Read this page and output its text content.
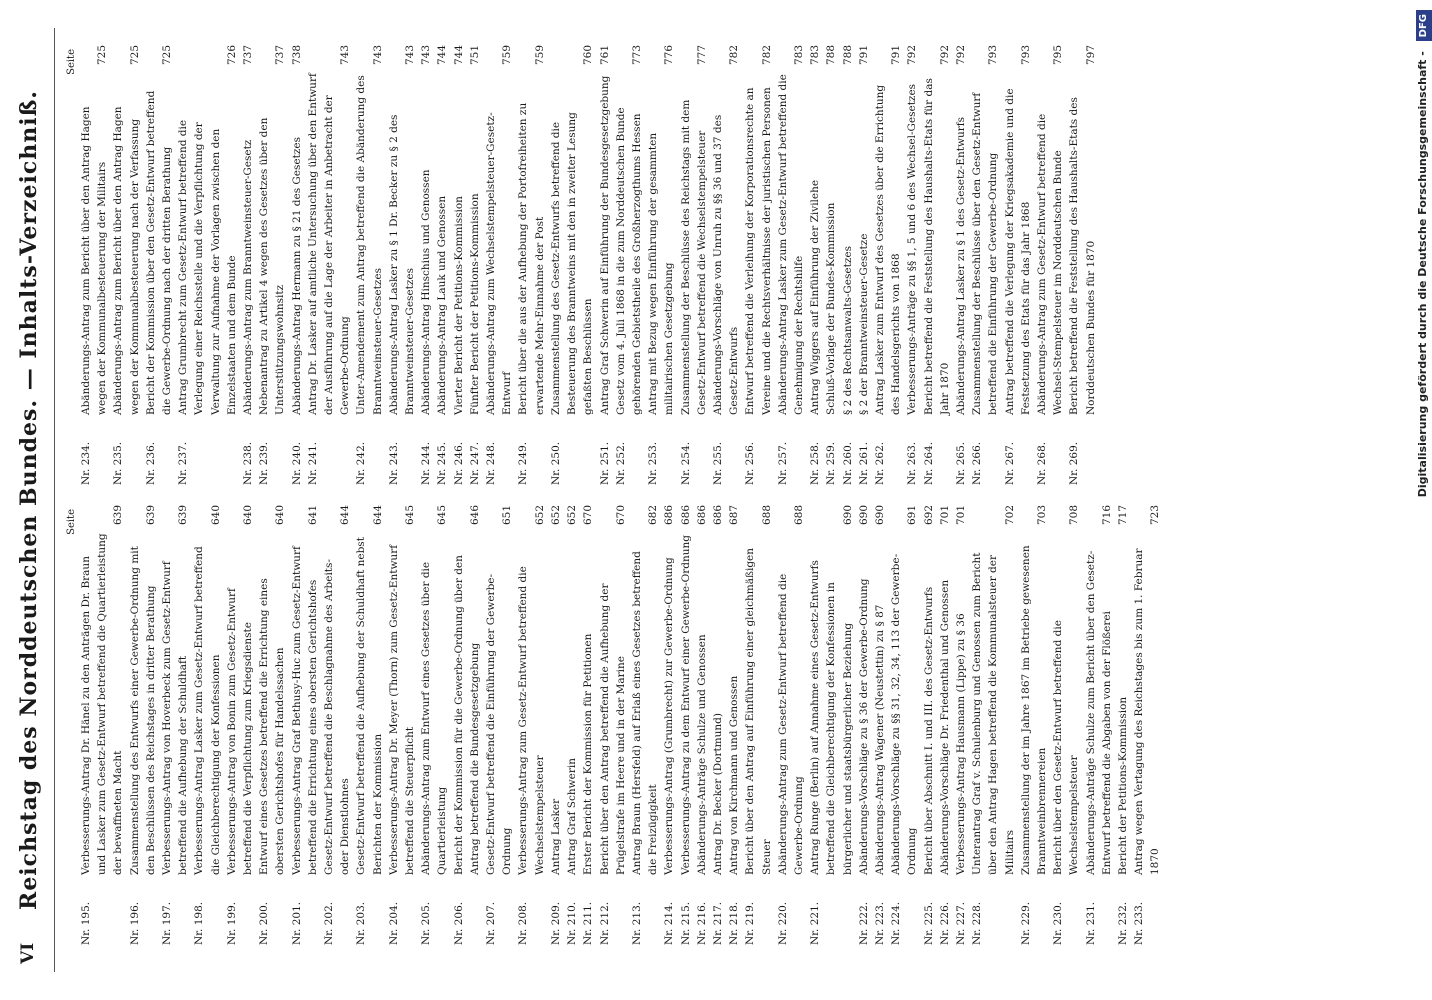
VI
Reichstag des Norddeutschen Bundes. — Inhalts-Verzeichniß. Seite
Nr. 195.
Verbesserungs-Antrag Dr. Hänel zu den Anträgen Dr. Braun und Lasker zum Gesetz-Entwurf betreffend die Quartierleistung der bewaffneten Macht
639
Nr. 196.
Zusammenstellung des Entwurfs einer Gewerbe-Ordnung mit den Beschlüssen des Reichstages in dritter Berathung
639
Nr. 197.
Verbesserungs-Antrag von Hoverbeck zum Gesetz-Entwurf betreffend die Aufhebung der Schuldhaft
639
Nr. 198.
Verbesserungs-Antrag Lasker zum Gesetz-Entwurf betreffend die Gleichberechtigung der Konfessionen
640
Nr. 199.
Verbesserungs-Antrag von Bonin zum Gesetz-Entwurf betreffend die Verpflichtung zum Kriegsdienste
640
Nr. 200.
Entwurf eines Gesetzes betreffend die Errichtung eines obersten Gerichtshofes für Handelssachen
640
Nr. 201.
Verbesserungs-Antrag Graf Bethusy-Huc zum Gesetz-Entwurf betreffend die Errichtung eines obersten Gerichtshofes
641
Nr. 202.
Gesetz-Entwurf betreffend die Beschlagnahme des Arbeits- oder Dienstlohnes
644
Nr. 203.
Gesetz-Entwurf betreffend die Aufhebung der Schuldhaft nebst Berichten der Kommission
644
Nr. 204.
Verbesserungs-Antrag Dr. Meyer (Thorn) zum Gesetz-Entwurf betreffend die Steuerpflicht
645
Nr. 205.
Abänderungs-Antrag zum Entwurf eines Gesetzes über die Quartierleistung
645
Nr. 206.
Bericht der Kommission für die Gewerbe-Ordnung über den Antrag betreffend die Bundesgesetzgebung
646
Nr. 207.
Gesetz-Entwurf betreffend die Einführung der Gewerbe-Ordnung
651
Nr. 208.
Verbesserungs-Antrag zum Gesetz-Entwurf betreffend die Wechselstempelsteuer
652
Nr. 209.
Antrag Lasker
652
Nr. 210.
Antrag Graf Schwerin
652
Nr. 211.
Erster Bericht der Kommission für Petitionen
670
Nr. 212.
Bericht über den Antrag betreffend die Aufhebung der Prügelstrafe im Heere und in der Marine
670
Nr. 213.
Antrag Braun (Hersfeld) auf Erlaß eines Gesetzes betreffend die Freizügigkeit
682
Nr. 214.
Verbesserungs-Antrag (Grumbrecht) zur Gewerbe-Ordnung
686
Nr. 215.
Verbesserungs-Antrag zu dem Entwurf einer Gewerbe-Ordnung
686
Nr. 216.
Abänderungs-Anträge Schulze und Genossen
686
Nr. 217.
Antrag Dr. Becker (Dortmund)
686
Nr. 218.
Antrag von Kirchmann und Genossen
687
Nr. 219.
Bericht über den Antrag auf Einführung einer gleichmäßigen Steuer
688
Nr. 220.
Abänderungs-Antrag zum Gesetz-Entwurf betreffend die Gewerbe-Ordnung
688
Nr. 221.
Antrag Runge (Berlin) auf Annahme eines Gesetz-Entwurfs betreffend die Gleichberechtigung der Konfessionen in bürgerlicher und staatsbürgerlicher Beziehung
690
Nr. 222.
Abänderungs-Vorschläge zu § 36 der Gewerbe-Ordnung
690
Nr. 223.
Abänderungs-Antrag Wagener (Neustettin) zu § 87
690
Nr. 224.
Abänderungs-Vorschläge zu §§ 31, 32, 34, 113 der Gewerbe-Ordnung
691
Nr. 225.
Bericht über Abschnitt I. und III. des Gesetz-Entwurfs
692
Nr. 226.
Abänderungs-Vorschläge Dr. Friedenthal und Genossen
701
Nr. 227.
Verbesserungs-Antrag Hausmann (Lippe) zu § 36
701
Nr. 228.
Unterantrag Graf v. Schulenburg und Genossen zum Bericht über den Antrag Hagen betreffend die Kommunalsteuer der Militairs
702
Nr. 229.
Zusammenstellung der im Jahre 1867 im Betriebe gewesenen Branntweinbrennereien
703
Nr. 230.
Bericht über den Gesetz-Entwurf betreffend die Wechselstempelsteuer
708
Nr. 231.
Abänderungs-Anträge Schulze zum Bericht über den Gesetz-Entwurf betreffend die Abgaben von der Flößerei
716
Nr. 232.
Bericht der Petitions-Kommission
717
Nr. 233.
Antrag wegen Vertagung des Reichstages bis zum 1. Februar 1870
723
Seite
Nr. 234.
Abänderungs-Antrag zum Bericht über den Antrag Hagen wegen der Kommunalbesteuerung der Militairs
725
Nr. 235.
Abänderungs-Antrag zum Bericht über den Antrag Hagen wegen der Kommunalbesteuerung nach der Verfassung
725
Nr. 236.
Bericht der Kommission über den Gesetz-Entwurf betreffend die Gewerbe-Ordnung nach der dritten Berathung
725
Nr. 237.
Antrag Grumbrecht zum Gesetz-Entwurf betreffend die Verlegung einer Reichsstelle und die Verpflichtung der Verwaltung zur Aufnahme der Vorlagen zwischen den Einzelstaaten und dem Bunde
726
Nr. 238.
Abänderungs-Antrag zum Branntweinsteuer-Gesetz
737
Nr. 239.
Nebenantrag zu Artikel 4 wegen des Gesetzes über den Unterstützungswohnsitz
737
Nr. 240.
Abänderungs-Antrag Hermann zu § 21 des Gesetzes
738
Nr. 241.
Antrag Dr. Lasker auf amtliche Untersuchung über den Entwurf der Ausführung auf die Lage der Arbeiter in Anbetracht der Gewerbe-Ordnung
743
Nr. 242.
Unter-Amendement zum Antrag betreffend die Abänderung des Branntweinsteuer-Gesetzes
743
Nr. 243.
Abänderungs-Antrag Lasker zu § 1 Dr. Becker zu § 2 des Branntweinsteuer-Gesetzes
743
Nr. 244.
Abänderungs-Antrag Hinschius und Genossen
743
Nr. 245.
Abänderungs-Antrag Lauk und Genossen
744
Nr. 246.
Vierter Bericht der Petitions-Kommission
744
Nr. 247.
Fünfter Bericht der Petitions-Kommission
751
Nr. 248.
Abänderungs-Antrag zum Wechselstempelsteuer-Gesetz-Entwurf
759
Nr. 249.
Bericht über die aus der Aufhebung der Portofreiheiten zu erwartende Mehr-Einnahme der Post
759
Nr. 250.
Zusammenstellung des Gesetz-Entwurfs betreffend die Besteuerung des Branntweins mit den in zweiter Lesung gefaßten Beschlüssen
760
Nr. 251.
Antrag Graf Schwerin auf Einführung der Bundesgesetzgebung
761
Nr. 252.
Gesetz vom 4. Juli 1868 in die zum Norddeutschen Bunde gehörenden Gebietstheile des Großherzogthums Hessen
773
Nr. 253.
Antrag mit Bezug wegen Einführung der gesammten militairischen Gesetzgebung
776
Nr. 254.
Zusammenstellung der Beschlüsse des Reichstags mit dem Gesetz-Entwurf betreffend die Wechselstempelsteuer
777
Nr. 255.
Abänderungs-Vorschläge von Unruh zu §§ 36 und 37 des Gesetz-Entwurfs
782
Nr. 256.
Entwurf betreffend die Verleihung der Korporationsrechte an Vereine und die Rechtsverhältnisse der juristischen Personen
782
Nr. 257.
Abänderungs-Antrag Lasker zum Gesetz-Entwurf betreffend die Genehmigung der Rechtshilfe
783
Nr. 258.
Antrag Wiggers auf Einführung der Zivilehe
783
Nr. 259.
Schluß-Vorlage der Bundes-Kommission
788
Nr. 260.
§ 2 des Rechtsanwalts-Gesetzes
788
Nr. 261.
§ 2 der Branntweinsteuer-Gesetze
791
Nr. 262.
Antrag Lasker zum Entwurf des Gesetzes über die Errichtung des Handelsgerichts von 1868
791
Nr. 263.
Verbesserungs-Anträge zu §§ 1, 5 und 6 des Wechsel-Gesetzes
792
Nr. 264.
Bericht betreffend die Feststellung des Haushalts-Etats für das Jahr 1870
792
Nr. 265.
Abänderungs-Antrag Lasker zu § 1 des Gesetz-Entwurfs
792
Nr. 266.
Zusammenstellung der Beschlüsse über den Gesetz-Entwurf betreffend die Einführung der Gewerbe-Ordnung
793
Nr. 267.
Antrag betreffend die Verlegung der Kriegsakademie und die Festsetzung des Etats für das Jahr 1868
793
Nr. 268.
Abänderungs-Antrag zum Gesetz-Entwurf betreffend die Wechsel-Stempelsteuer im Norddeutschen Bunde
795
Nr. 269.
Bericht betreffend die Feststellung des Haushalts-Etats des Norddeutschen Bundes für 1870
797	Digitalisierung gefördert durch die Deutsche Forschungsgemeinschaft - DFG
